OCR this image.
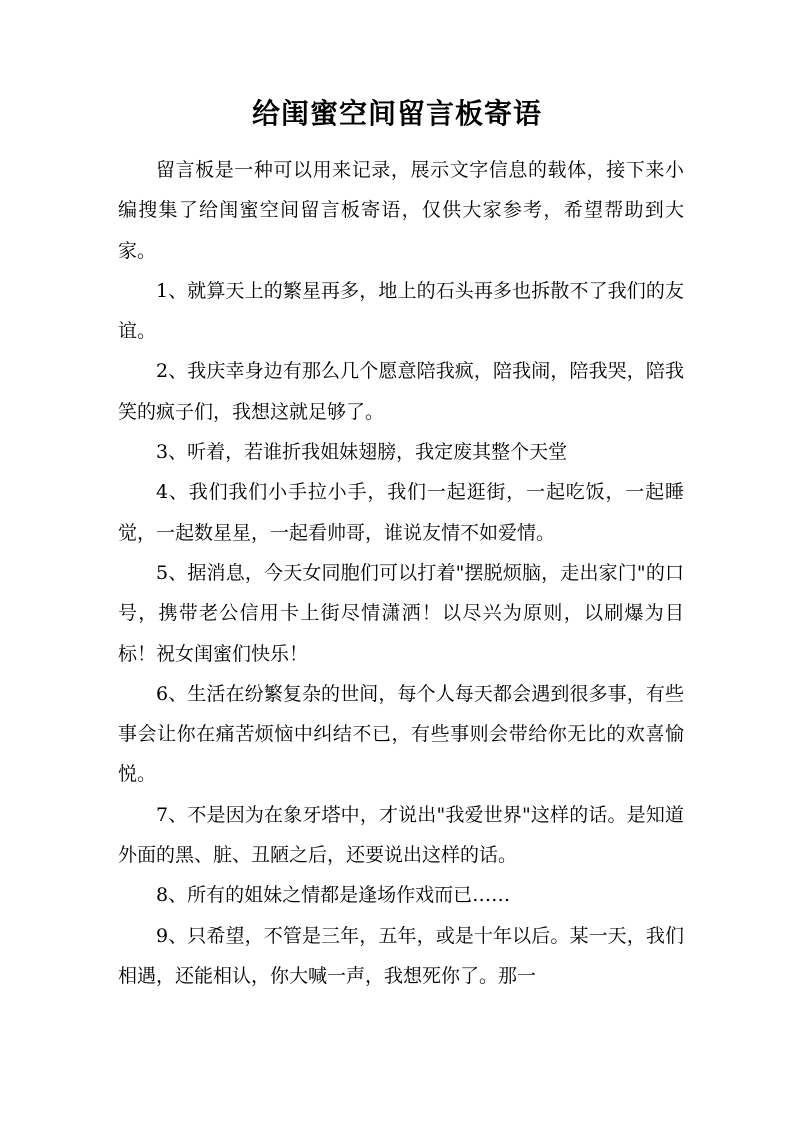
给闺蜜空间留言板寄语

留言板是一种可以用来记录，展示文字信息的载体，接下来小编搜集了给闺蜜空间留言板寄语，仅供大家参考，希望帮助到大家。

1、就算天上的繁星再多，地上的石头再多也拆散不了我们的友谊。

2、我庆幸身边有那么几个愿意陪我疯，陪我闹，陪我哭，陪我笑的疯子们，我想这就足够了。

3、听着，若谁折我姐妹翅膀，我定废其整个天堂

4、我们我们小手拉小手，我们一起逛街，一起吃饭，一起睡觉，一起数星星，一起看帅哥，谁说友情不如爱情。

5、据消息，今天女同胞们可以打着"摆脱烦脑，走出家门"的口号，携带老公信用卡上街尽情潇洒！以尽兴为原则，以刷爆为目标！祝女闺蜜们快乐！

6、生活在纷繁复杂的世间，每个人每天都会遇到很多事，有些事会让你在痛苦烦恼中纠结不已，有些事则会带给你无比的欢喜愉悦。

7、不是因为在象牙塔中，才说出"我爱世界"这样的话。是知道外面的黑、脏、丑陋之后，还要说出这样的话。

8、所有的姐妹之情都是逢场作戏而已……

9、只希望，不管是三年，五年，或是十年以后。某一天，我们相遇，还能相认，你大喊一声，我想死你了。那一
